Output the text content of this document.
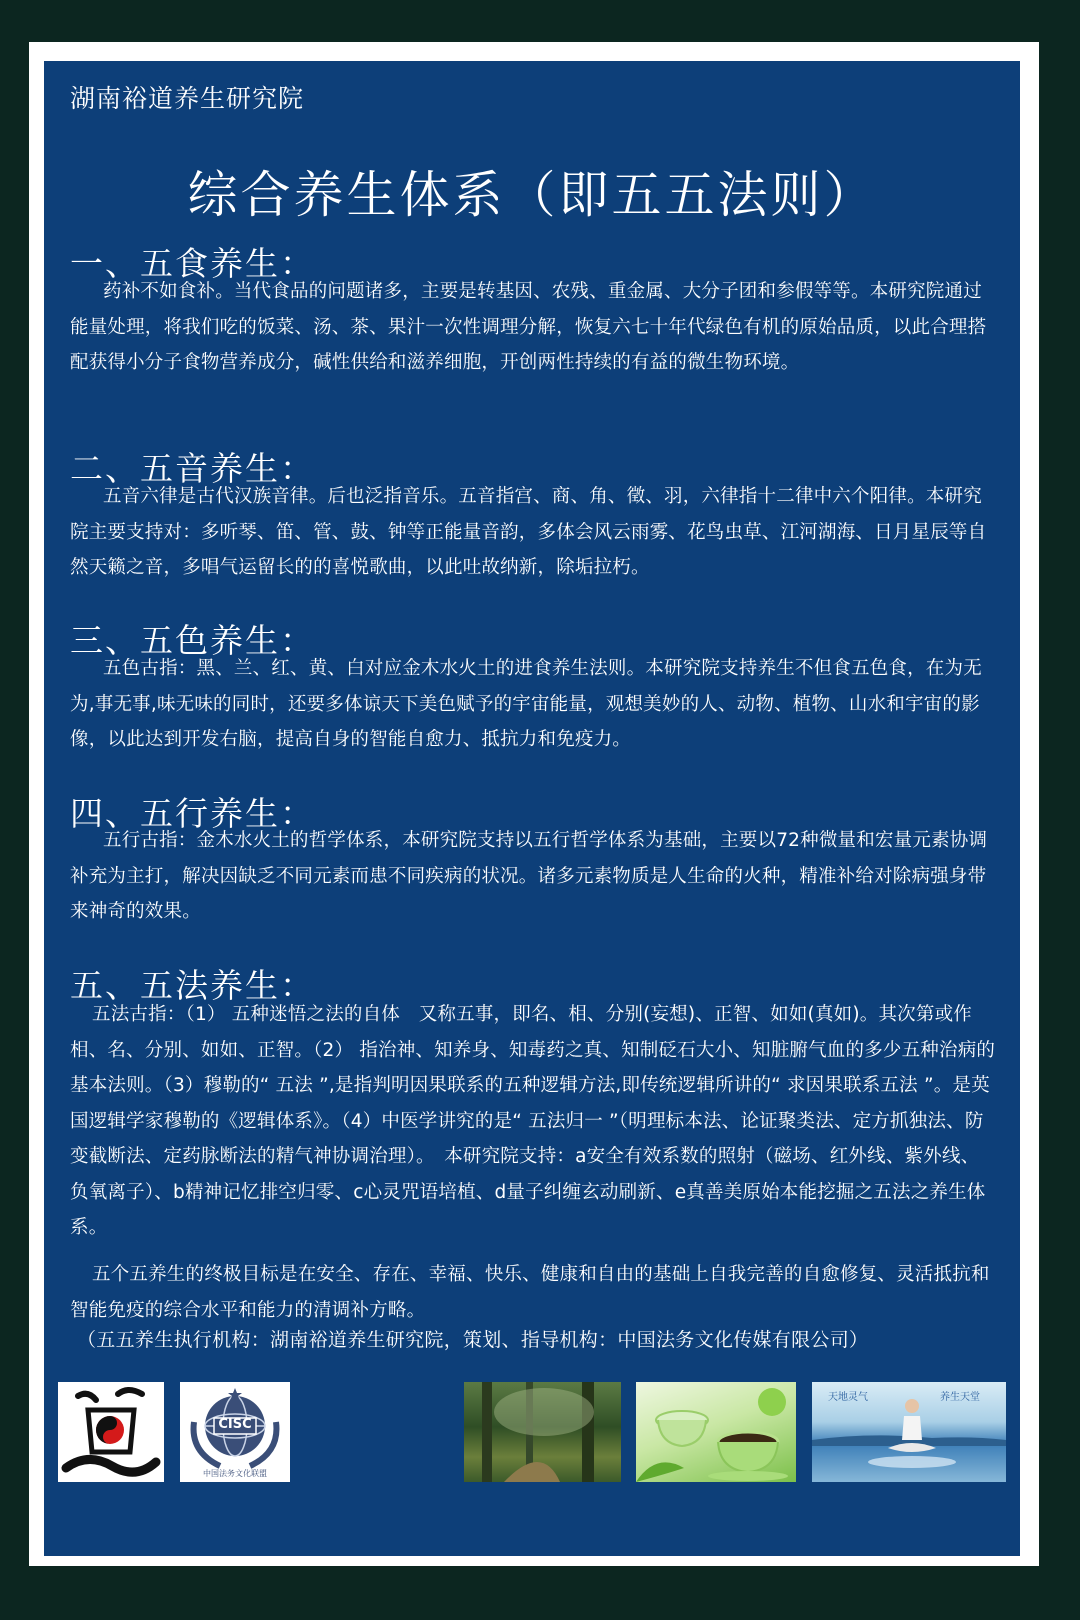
湖南裕道养生研究院
综合养生体系（即五五法则）
一、五食养生：

药补不如食补。当代食品的问题诸多，主要是转基因、农残、重金属、大分子团和参假等等。本研究院通过能量处理，将我们吃的饭菜、汤、茶、果汁一次性调理分解，恢复六七十年代绿色有机的原始品质，以此合理搭配获得小分子食物营养成分，碱性供给和滋养细胞，开创两性持续的有益的微生物环境。

二、五音养生：

五音六律是古代汉族音律。后也泛指音乐。五音指宫、商、角、徵、羽，六律指十二律中六个阳律。本研究院主要支持对：多听琴、笛、管、鼓、钟等正能量音韵，多体会风云雨雾、花鸟虫草、江河湖海、日月星辰等自然天籁之音，多唱气运留长的的喜悦歌曲，以此吐故纳新，除垢拉朽。

三、五色养生：

五色古指：黑、兰、红、黄、白对应金木水火土的进食养生法则。本研究院支持养生不但食五色食，在为无为,事无事,味无味的同时，还要多体谅天下美色赋予的宇宙能量，观想美妙的人、动物、植物、山水和宇宙的影像，以此达到开发右脑，提高自身的智能自愈力、抵抗力和免疫力。

四、五行养生：

五行古指：金木水火土的哲学体系，本研究院支持以五行哲学体系为基础，主要以72种微量和宏量元素协调补充为主打，解决因缺乏不同元素而患不同疾病的状况。诸多元素物质是人生命的火种，精准补给对除病强身带来神奇的效果。

五、五法养生：

五法古指：（1） 五种迷悟之法的自体　又称五事，即名、相、分别(妄想)、正智、如如(真如)。其次第或作相、名、分别、如如、正智。（2） 指治神、知养身、知毒药之真、知制砭石大小、知脏腑气血的多少五种治病的基本法则。（3）穆勒的“ 五法 ”,是指判明因果联系的五种逻辑方法,即传统逻辑所讲的“ 求因果联系五法 ”。是英国逻辑学家穆勒的《逻辑体系》。（4）中医学讲究的是“ 五法归一 ”（明理标本法、论证聚类法、定方抓独法、防变截断法、定药脉断法的精气神协调治理）。　本研究院支持：a安全有效系数的照射（磁场、红外线、紫外线、负氧离子）、b精神记忆排空归零、c心灵咒语培植、d量子纠缠玄动刷新、e真善美原始本能挖掘之五法之养生体系。

五个五养生的终极目标是在安全、存在、幸福、快乐、健康和自由的基础上自我完善的自愈修复、灵活抵抗和智能免疫的综合水平和能力的清调补方略。

（五五养生执行机构：湖南裕道养生研究院，策划、指导机构：中国法务文化传媒有限公司）
CISC
中国法务文化联盟
天地灵气	养生天堂
